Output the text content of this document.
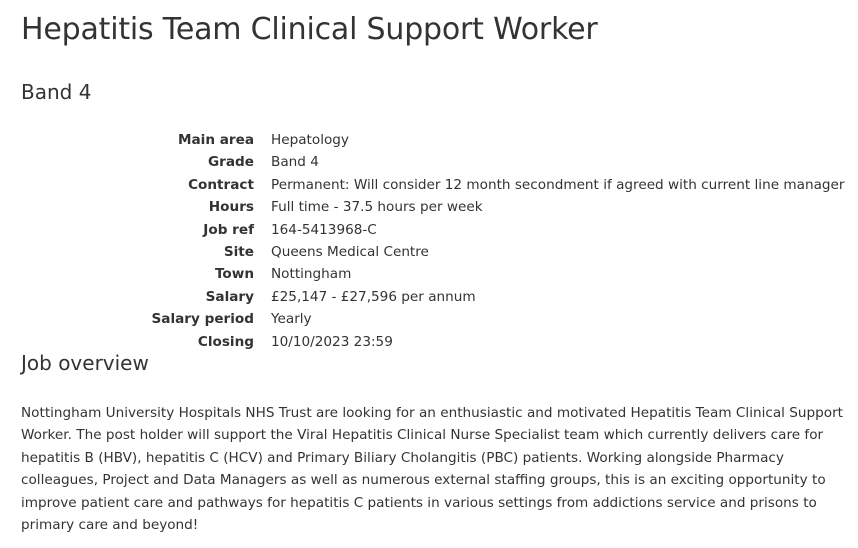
Hepatitis Team Clinical Support Worker
Band 4
Main area	Hepatology
Grade	Band 4
Contract	Permanent: Will consider 12 month secondment if agreed with current line manager
Hours	Full time - 37.5 hours per week
Job ref	164-5413968-C
Site	Queens Medical Centre
Town	Nottingham
Salary	£25,147 - £27,596 per annum
Salary period	Yearly
Closing	10/10/2023 23:59
Job overview

Nottingham University Hospitals NHS Trust are looking for an enthusiastic and motivated Hepatitis Team Clinical Support Worker. The post holder will support the Viral Hepatitis Clinical Nurse Specialist team which currently delivers care for hepatitis B (HBV), hepatitis C (HCV) and Primary Biliary Cholangitis (PBC) patients. Working alongside Pharmacy colleagues, Project and Data Managers as well as numerous external staffing groups, this is an exciting opportunity to improve patient care and pathways for hepatitis C patients in various settings from addictions service and prisons to primary care and beyond!
